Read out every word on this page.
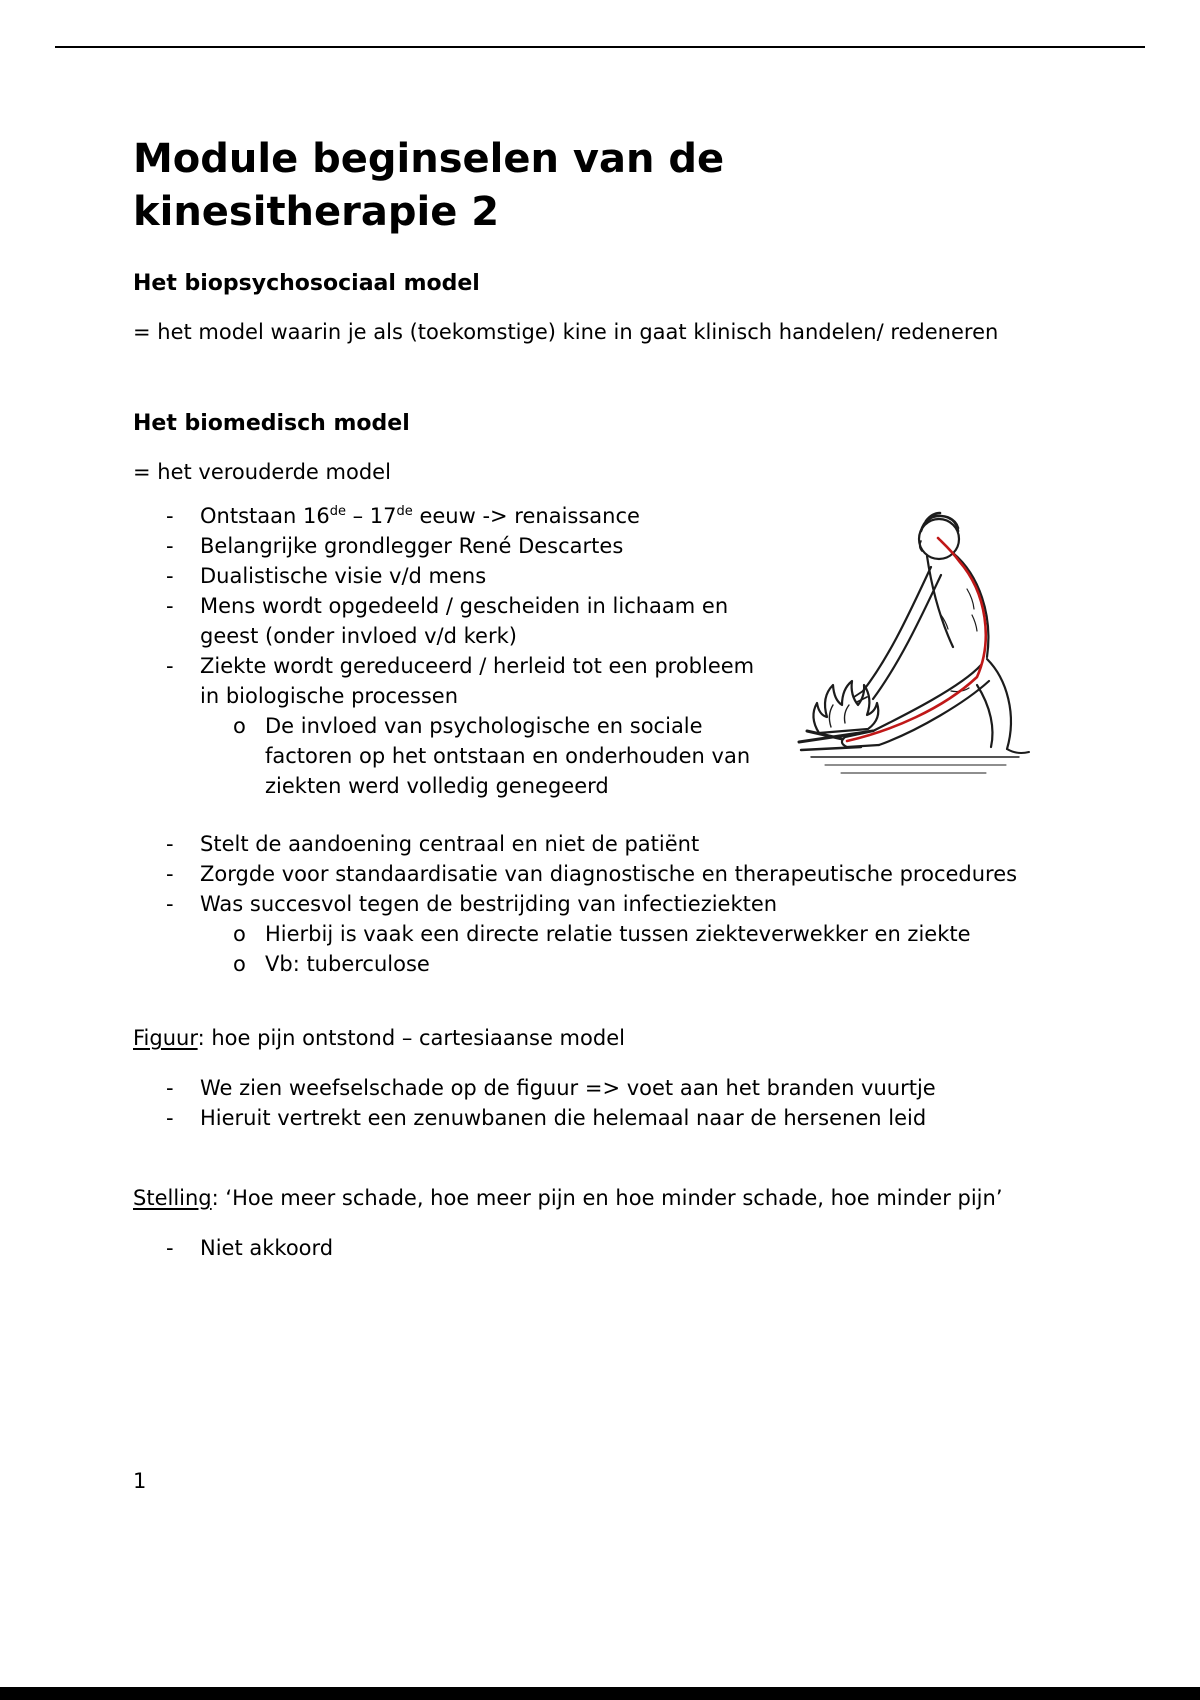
Module beginselen van de
kinesitherapie 2
Het biopsychosociaal model

= het model waarin je als (toekomstige) kine in gaat klinisch handelen/ redeneren

Het biomedisch model

= het verouderde model

-	Ontstaan 16de – 17de eeuw -> renaissance
-	Belangrijke grondlegger René Descartes
-	Dualistische visie v/d mens
-	Mens wordt opgedeeld / gescheiden in lichaam en geest (onder invloed v/d kerk)
-	Ziekte wordt gereduceerd / herleid tot een probleem in biologische processen
o De invloed van psychologische en sociale factoren op het ontstaan en onderhouden van ziekten werd volledig genegeerd
-	Stelt de aandoening centraal en niet de patiënt
-	Zorgde voor standaardisatie van diagnostische en therapeutische procedures
-	Was succesvol tegen de bestrijding van infectieziekten
o Hierbij is vaak een directe relatie tussen ziekteverwekker en ziekte
o Vb: tuberculose

Figuur: hoe pijn ontstond – cartesiaanse model

-	We zien weefselschade op de figuur => voet aan het branden vuurtje
-	Hieruit vertrekt een zenuwbanen die helemaal naar de hersenen leid

Stelling: ‘Hoe meer schade, hoe meer pijn en hoe minder schade, hoe minder pijn’

-	Niet akkoord
1
